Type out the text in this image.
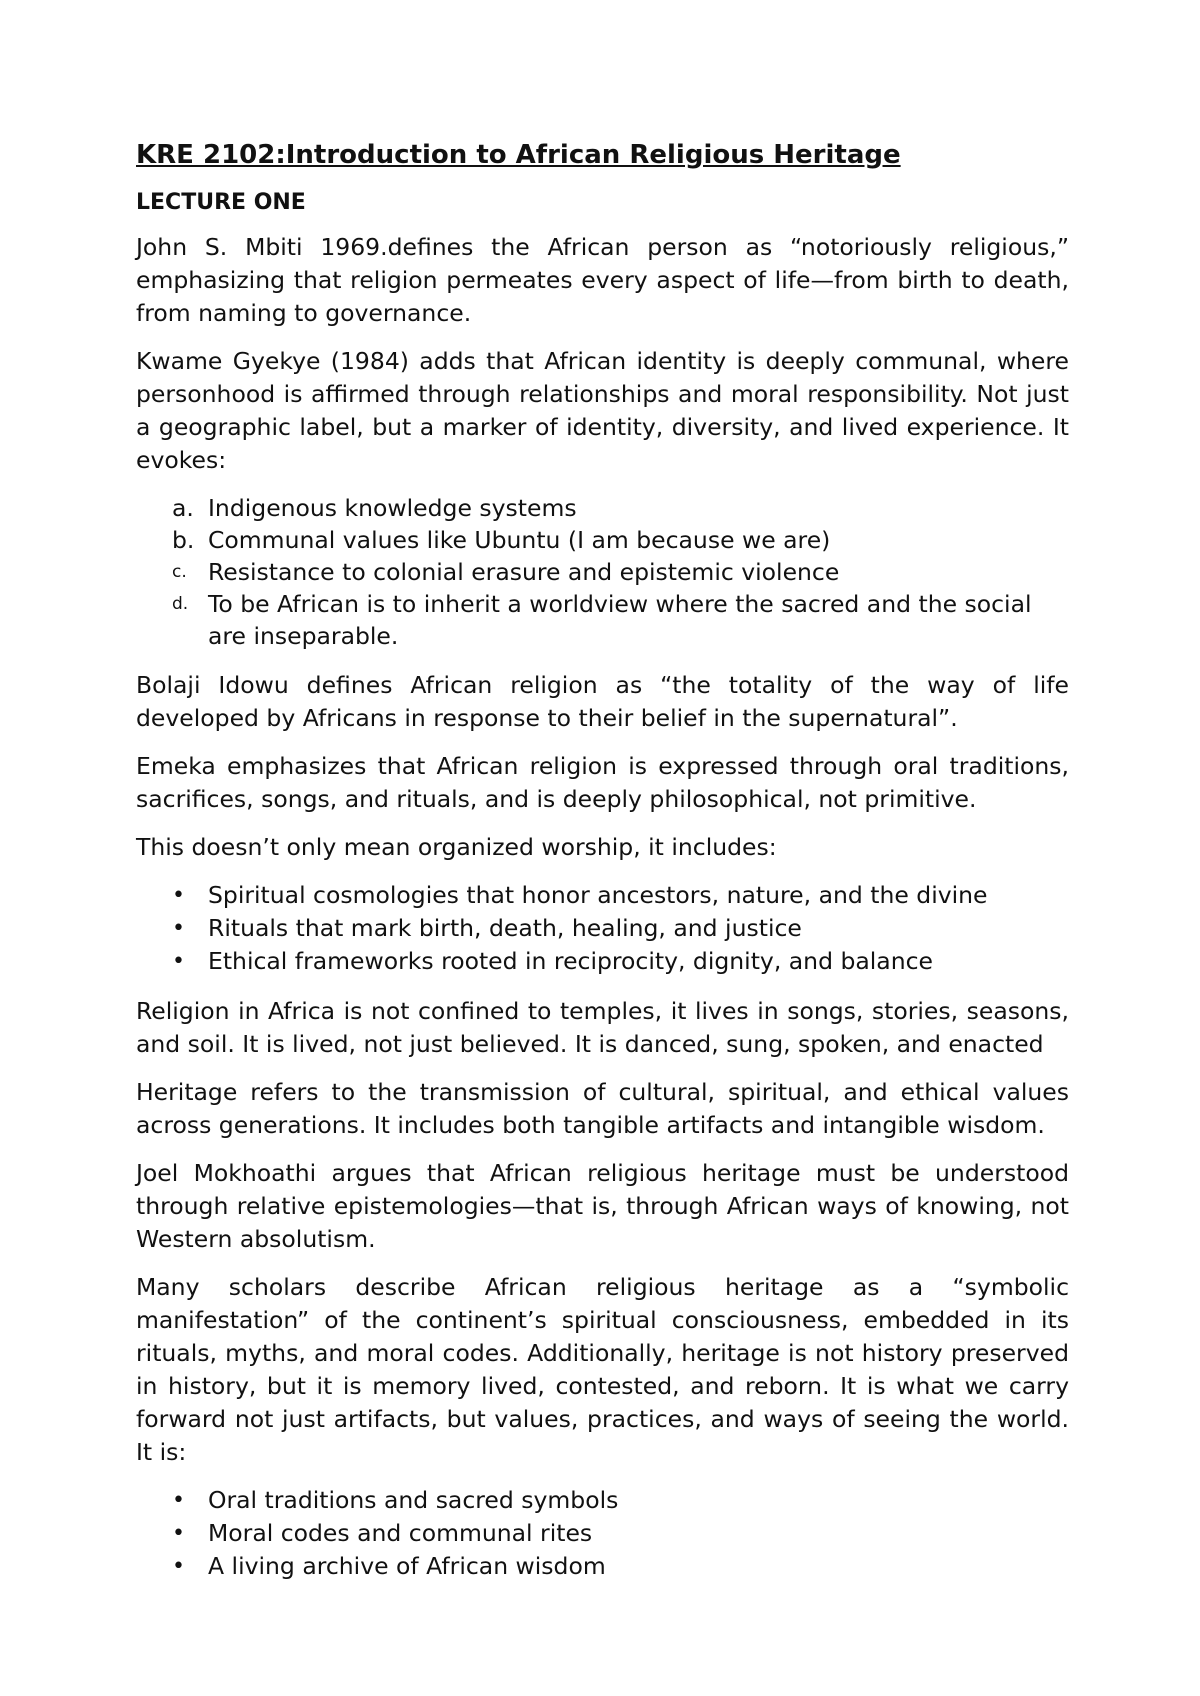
KRE 2102:Introduction to African Religious Heritage
LECTURE ONE

John S. Mbiti 1969.defines the African person as “notoriously religious,” emphasizing that religion permeates every aspect of life—from birth to death, from naming to governance.

Kwame Gyekye (1984) adds that African identity is deeply communal, where personhood is affirmed through relationships and moral responsibility. Not just a geographic label, but a marker of identity, diversity, and lived experience. It evokes:

a. Indigenous knowledge systems
b. Communal values like Ubuntu (I am because we are)
c. Resistance to colonial erasure and epistemic violence
d. To be African is to inherit a worldview where the sacred and the social are inseparable.

Bolaji Idowu defines African religion as “the totality of the way of life developed by Africans in response to their belief in the supernatural”.

Emeka emphasizes that African religion is expressed through oral traditions, sacrifices, songs, and rituals, and is deeply philosophical, not primitive.

This doesn’t only mean organized worship, it includes:

• Spiritual cosmologies that honor ancestors, nature, and the divine
• Rituals that mark birth, death, healing, and justice
• Ethical frameworks rooted in reciprocity, dignity, and balance

Religion in Africa is not confined to temples, it lives in songs, stories, seasons, and soil. It is lived, not just believed. It is danced, sung, spoken, and enacted

Heritage refers to the transmission of cultural, spiritual, and ethical values across generations. It includes both tangible artifacts and intangible wisdom.

Joel Mokhoathi argues that African religious heritage must be understood through relative epistemologies—that is, through African ways of knowing, not Western absolutism.

Many scholars describe African religious heritage as a “symbolic manifestation” of the continent’s spiritual consciousness, embedded in its rituals, myths, and moral codes. Additionally, heritage is not history preserved in history, but it is memory lived, contested, and reborn. It is what we carry forward not just artifacts, but values, practices, and ways of seeing the world. It is:

• Oral traditions and sacred symbols
• Moral codes and communal rites
• A living archive of African wisdom
